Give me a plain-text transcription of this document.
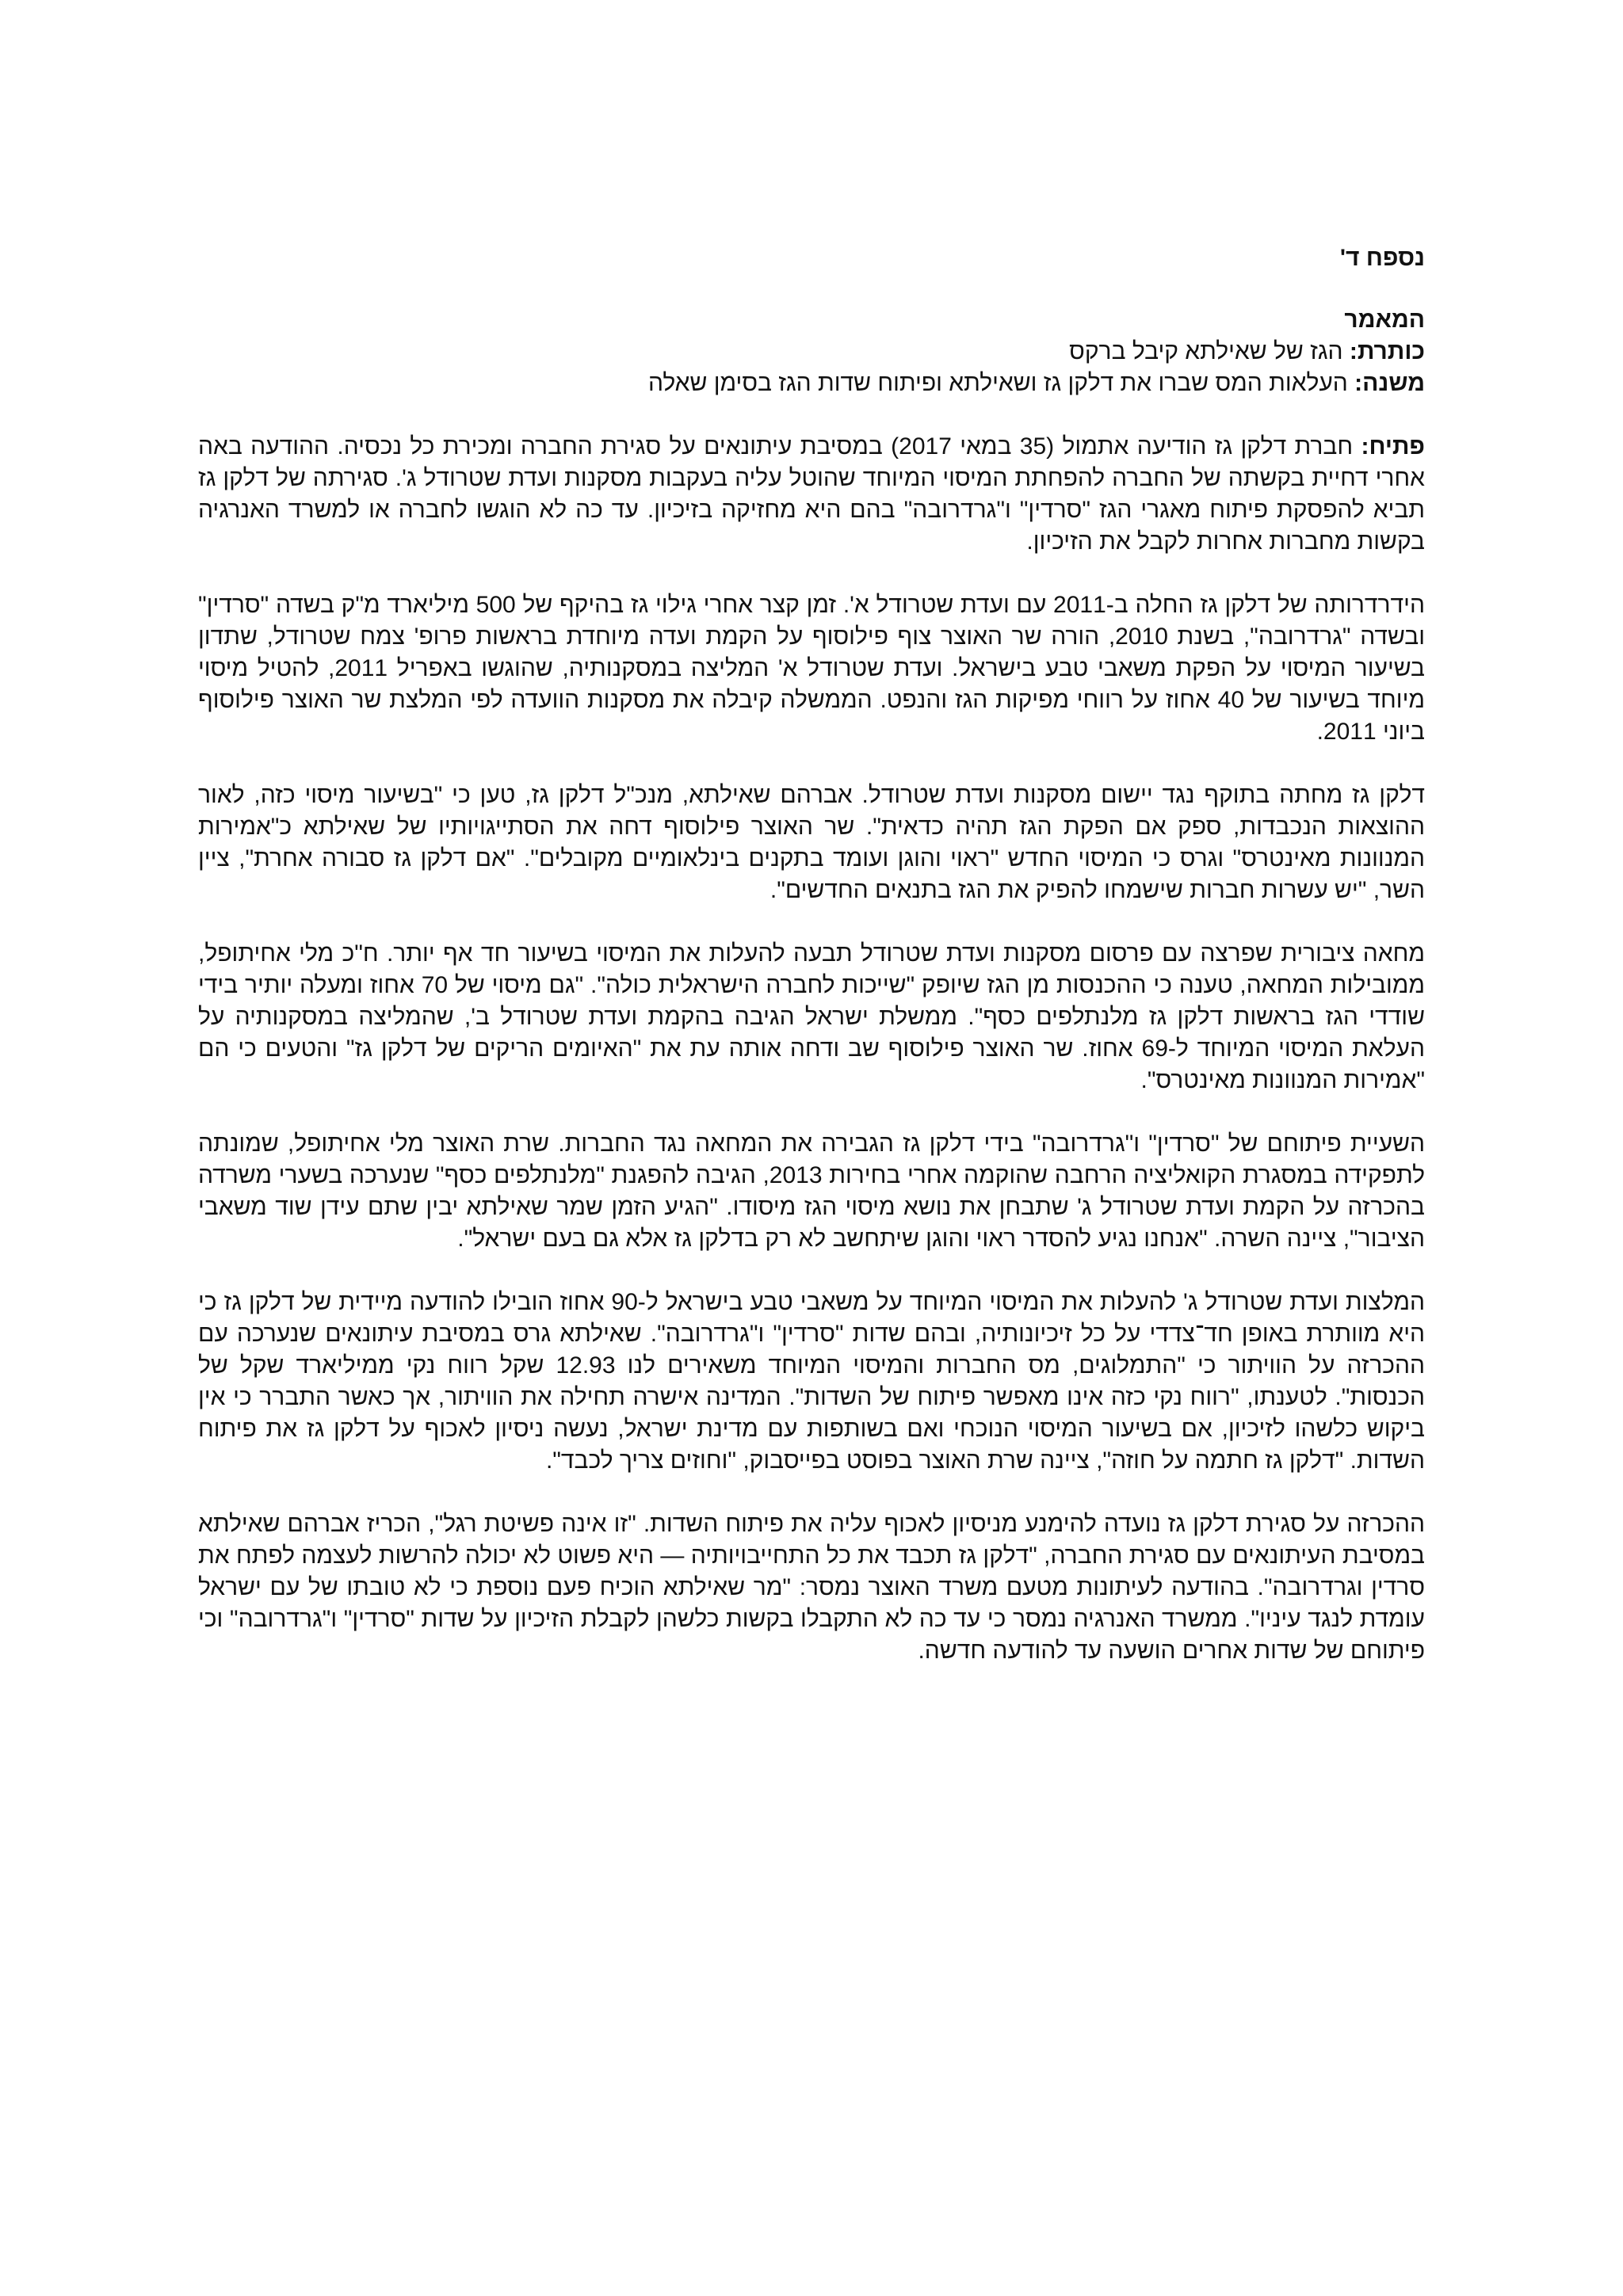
נספח ד'

המאמר

כותרת: הגז של שאילתא קיבל ברקס

משנה: העלאות המס שברו את דלקן גז ושאילתא ופיתוח שדות הגז בסימן שאלה

פתיח: חברת דלקן גז הודיעה אתמול (35 במאי 2017) במסיבת עיתונאים על סגירת החברה ומכירת כל נכסיה. ההודעה באה אחרי דחיית בקשתה של החברה להפחתת המיסוי המיוחד שהוטל עליה בעקבות מסקנות ועדת שטרודל ג'. סגירתה של דלקן גז תביא להפסקת פיתוח מאגרי הגז "סרדין" ו"גרדרובה" בהם היא מחזיקה בזיכיון. עד כה לא הוגשו לחברה או למשרד האנרגיה בקשות מחברות אחרות לקבל את הזיכיון.

הידרדרותה של דלקן גז החלה ב-2011 עם ועדת שטרודל א'. זמן קצר אחרי גילוי גז בהיקף של 500 מיליארד מ"ק בשדה "סרדין" ובשדה "גרדרובה", בשנת 2010, הורה שר האוצר צוף פילוסוף על הקמת ועדה מיוחדת בראשות פרופ' צמח שטרודל, שתדון בשיעור המיסוי על הפקת משאבי טבע בישראל. ועדת שטרודל א' המליצה במסקנותיה, שהוגשו באפריל 2011, להטיל מיסוי מיוחד בשיעור של 40 אחוז על רווחי מפיקות הגז והנפט. הממשלה קיבלה את מסקנות הוועדה לפי המלצת שר האוצר פילוסוף ביוני 2011.

דלקן גז מחתה בתוקף נגד יישום מסקנות ועדת שטרודל. אברהם שאילתא, מנכ"ל דלקן גז, טען כי "בשיעור מיסוי כזה, לאור ההוצאות הנכבדות, ספק אם הפקת הגז תהיה כדאית". שר האוצר פילוסוף דחה את הסתייגויותיו של שאילתא כ"אמירות המנוונות מאינטרס" וגרס כי המיסוי החדש "ראוי והוגן ועומד בתקנים בינלאומיים מקובלים". "אם דלקן גז סבורה אחרת", ציין השר, "יש עשרות חברות שישמחו להפיק את הגז בתנאים החדשים".

מחאה ציבורית שפרצה עם פרסום מסקנות ועדת שטרודל תבעה להעלות את המיסוי בשיעור חד אף יותר. ח"כ מלי אחיתופל, ממובילות המחאה, טענה כי ההכנסות מן הגז שיופק "שייכות לחברה הישראלית כולה". "גם מיסוי של 70 אחוז ומעלה יותיר בידי שודדי הגז בראשות דלקן גז מלנתלפים כסף". ממשלת ישראל הגיבה בהקמת ועדת שטרודל ב', שהמליצה במסקנותיה על העלאת המיסוי המיוחד ל-69 אחוז. שר האוצר פילוסוף שב ודחה אותה עת את "האיומים הריקים של דלקן גז" והטעים כי הם "אמירות המנוונות מאינטרס".

השעיית פיתוחם של "סרדין" ו"גרדרובה" בידי דלקן גז הגבירה את המחאה נגד החברות. שרת האוצר מלי אחיתופל, שמונתה לתפקידה במסגרת הקואליציה הרחבה שהוקמה אחרי בחירות 2013, הגיבה להפגנת "מלנתלפים כסף" שנערכה בשערי משרדה בהכרזה על הקמת ועדת שטרודל ג' שתבחן את נושא מיסוי הגז מיסודו. "הגיע הזמן שמר שאילתא יבין שתם עידן שוד משאבי הציבור", ציינה השרה. "אנחנו נגיע להסדר ראוי והוגן שיתחשב לא רק בדלקן גז אלא גם בעם ישראל".

המלצות ועדת שטרודל ג' להעלות את המיסוי המיוחד על משאבי טבע בישראל ל-90 אחוז הובילו להודעה מיידית של דלקן גז כי היא מוותרת באופן חד־צדדי על כל זיכיונותיה, ובהם שדות "סרדין" ו"גרדרובה". שאילתא גרס במסיבת עיתונאים שנערכה עם ההכרזה על הוויתור כי "התמלוגים, מס החברות והמיסוי המיוחד משאירים לנו 12.93 שקל רווח נקי ממיליארד שקל של הכנסות". לטענתו, "רווח נקי כזה אינו מאפשר פיתוח של השדות". המדינה אישרה תחילה את הוויתור, אך כאשר התברר כי אין ביקוש כלשהו לזיכיון, אם בשיעור המיסוי הנוכחי ואם בשותפות עם מדינת ישראל, נעשה ניסיון לאכוף על דלקן גז את פיתוח השדות. "דלקן גז חתמה על חוזה", ציינה שרת האוצר בפוסט בפייסבוק, "וחוזים צריך לכבד".

ההכרזה על סגירת דלקן גז נועדה להימנע מניסיון לאכוף עליה את פיתוח השדות. "זו אינה פשיטת רגל", הכריז אברהם שאילתא במסיבת העיתונאים עם סגירת החברה, "דלקן גז תכבד את כל התחייבויותיה — היא פשוט לא יכולה להרשות לעצמה לפתח את סרדין וגרדרובה". בהודעה לעיתונות מטעם משרד האוצר נמסר: "מר שאילתא הוכיח פעם נוספת כי לא טובתו של עם ישראל עומדת לנגד עיניו". ממשרד האנרגיה נמסר כי עד כה לא התקבלו בקשות כלשהן לקבלת הזיכיון על שדות "סרדין" ו"גרדרובה" וכי פיתוחם של שדות אחרים הושעה עד להודעה חדשה.
